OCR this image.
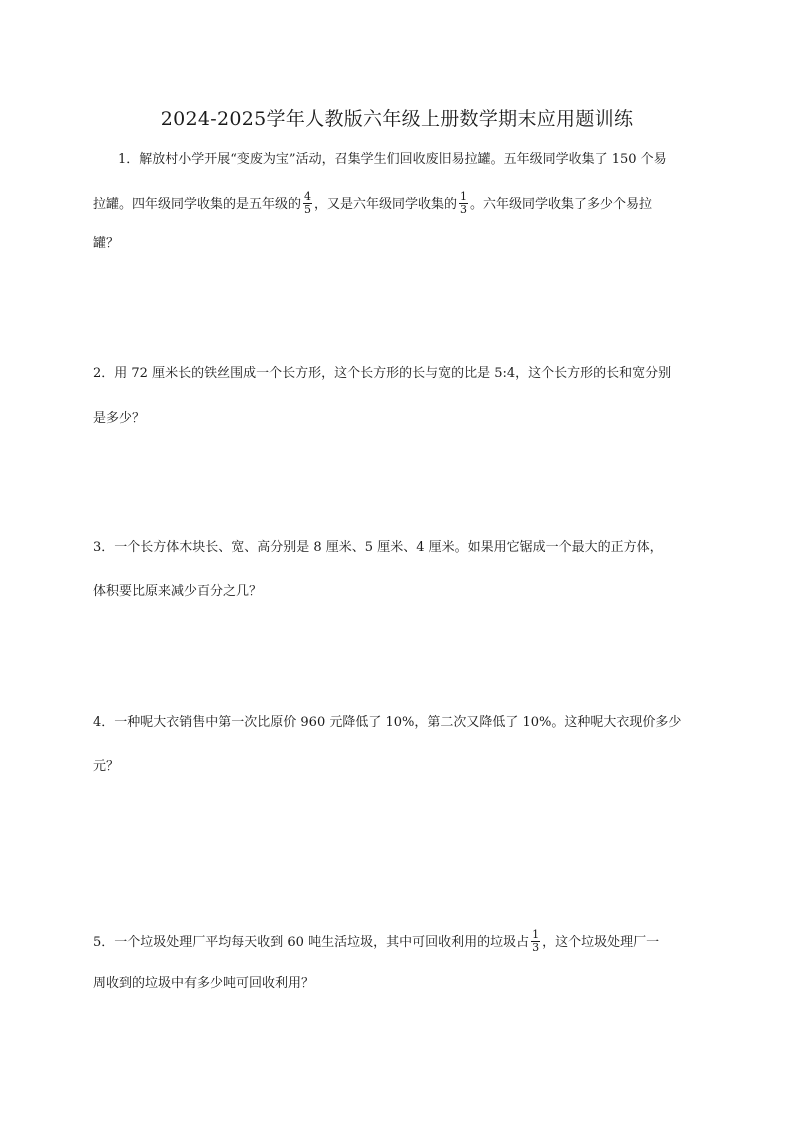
2024-2025学年人教版六年级上册数学期末应用题训练
1．解放村小学开展“变废为宝”活动，召集学生们回收废旧易拉罐。五年级同学收集了 150 个易
拉罐。四年级同学收集的是五年级的 $\frac{4}{5}$ ，又是六年级同学收集的 $\frac{1}{3}$ 。六年级同学收集了多少个易拉
罐？
2．用 72 厘米长的铁丝围成一个长方形，这个长方形的长与宽的比是 5:4，这个长方形的长和宽分别
是多少？
3．一个长方体木块长、宽、高分别是 8 厘米、5 厘米、4 厘米。如果用它锯成一个最大的正方体，
体积要比原来减少百分之几？
4．一种呢大衣销售中第一次比原价 960 元降低了 10%，第二次又降低了 10%。这种呢大衣现价多少
元？
5．一个垃圾处理厂平均每天收到 60 吨生活垃圾，其中可回收利用的垃圾占 $\frac{1}{3}$ ，这个垃圾处理厂一
周收到的垃圾中有多少吨可回收利用？
